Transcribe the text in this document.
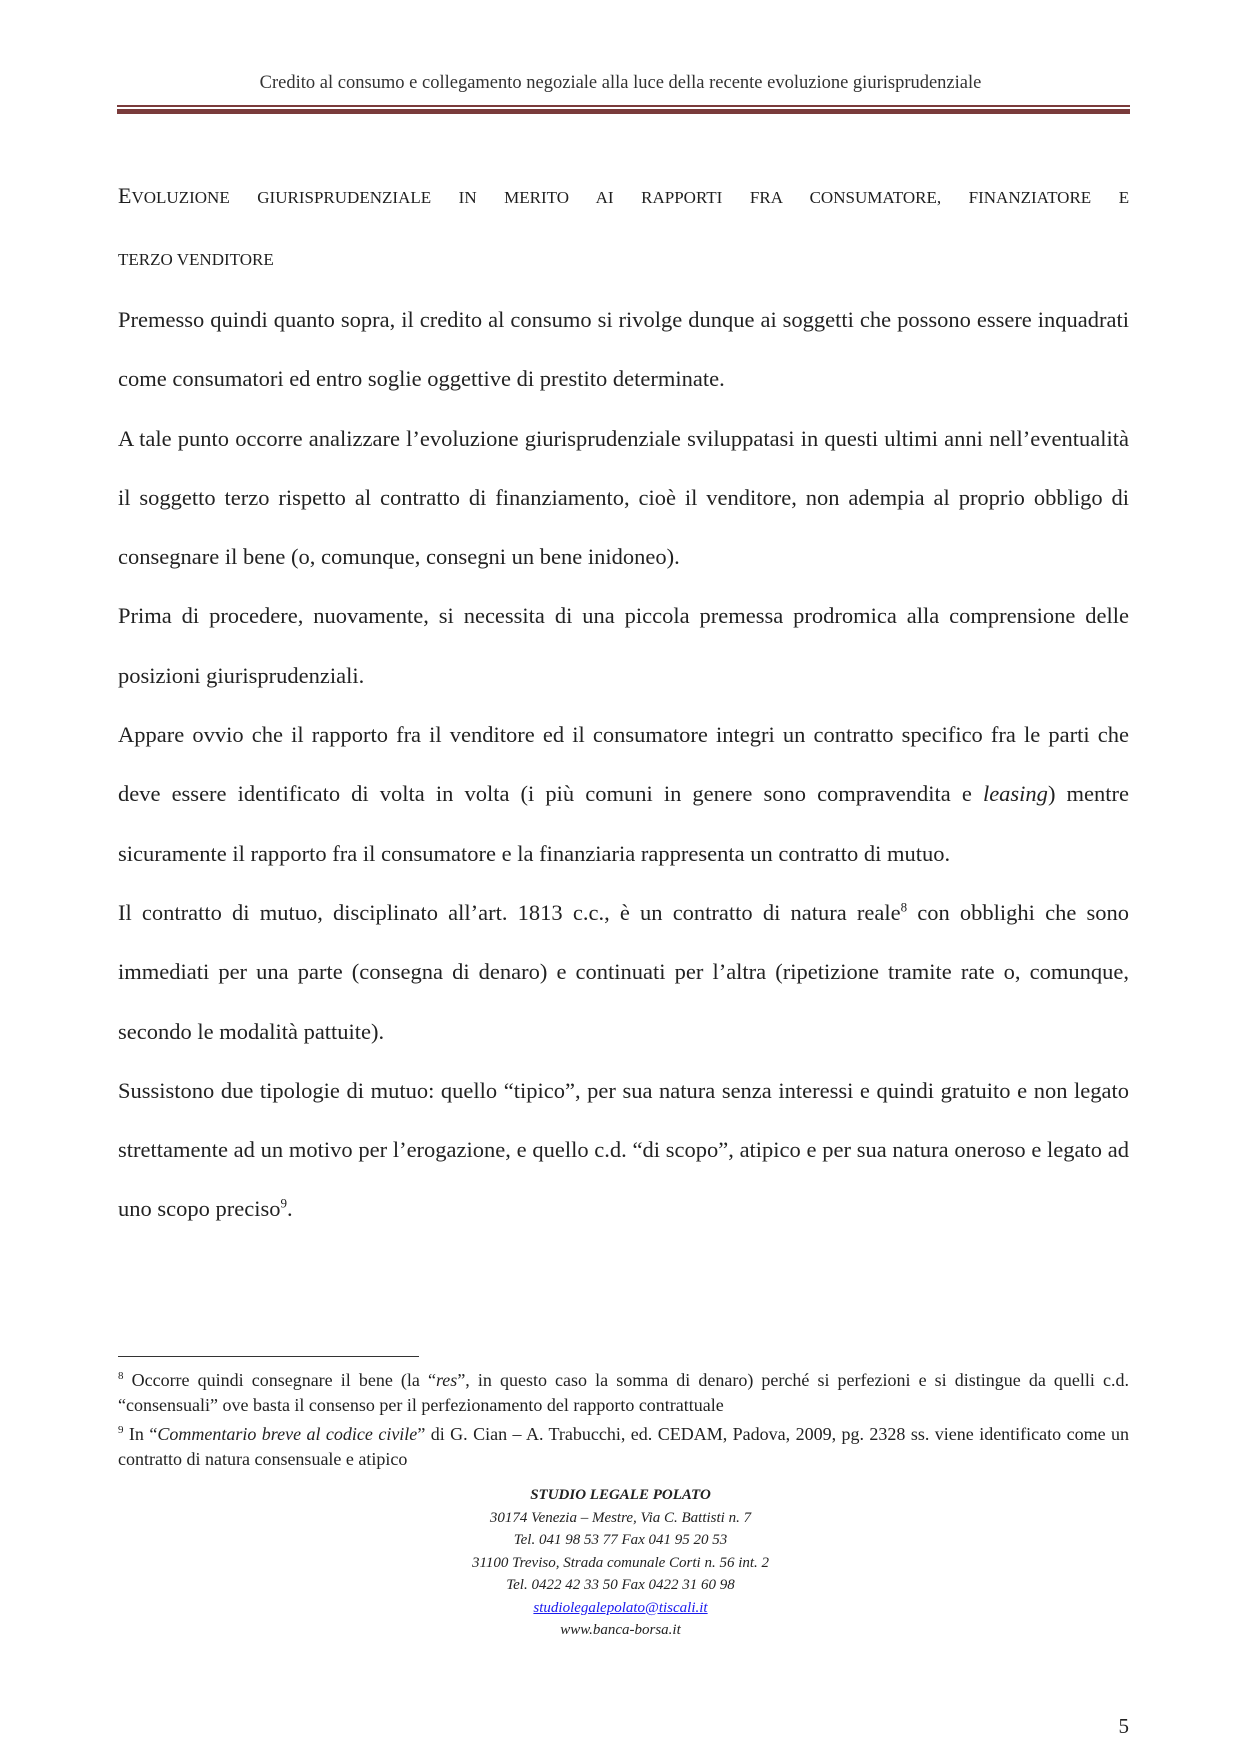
Credito al consumo e collegamento negoziale alla luce della recente evoluzione giurisprudenziale
EVOLUZIONE GIURISPRUDENZIALE IN MERITO AI RAPPORTI FRA CONSUMATORE, FINANZIATORE E
TERZO VENDITORE

Premesso quindi quanto sopra, il credito al consumo si rivolge dunque ai soggetti che possono essere inquadrati come consumatori ed entro soglie oggettive di prestito determinate.

A tale punto occorre analizzare l’evoluzione giurisprudenziale sviluppatasi in questi ultimi anni nell’eventualità il soggetto terzo rispetto al contratto di finanziamento, cioè il venditore, non adempia al proprio obbligo di consegnare il bene (o, comunque, consegni un bene inidoneo).

Prima di procedere, nuovamente, si necessita di una piccola premessa prodromica alla comprensione delle posizioni giurisprudenziali.

Appare ovvio che il rapporto fra il venditore ed il consumatore integri un contratto specifico fra le parti che deve essere identificato di volta in volta (i più comuni in genere sono compravendita e leasing) mentre sicuramente il rapporto fra il consumatore e la finanziaria rappresenta un contratto di mutuo.

Il contratto di mutuo, disciplinato all’art. 1813 c.c., è un contratto di natura reale$^8$ con obblighi che sono immediati per una parte (consegna di denaro) e continuati per l’altra (ripetizione tramite rate o, comunque, secondo le modalità pattuite).

Sussistono due tipologie di mutuo: quello “tipico”, per sua natura senza interessi e quindi gratuito e non legato strettamente ad un motivo per l’erogazione, e quello c.d. “di scopo”, atipico e per sua natura oneroso e legato ad uno scopo preciso$^9$.

$^8$ Occorre quindi consegnare il bene (la “res”, in questo caso la somma di denaro) perché si perfezioni e si distingue da quelli c.d. “consensuali” ove basta il consenso per il perfezionamento del rapporto contrattuale

$^9$ In “Commentario breve al codice civile” di G. Cian – A. Trabucchi, ed. CEDAM, Padova, 2009, pg. 2328 ss. viene identificato come un contratto di natura consensuale e atipico

STUDIO LEGALE POLATO
30174 Venezia – Mestre, Via C. Battisti n. 7
Tel. 041 98 53 77 Fax 041 95 20 53
31100 Treviso, Strada comunale Corti n. 56 int. 2
Tel. 0422 42 33 50 Fax 0422 31 60 98
studiolegalepolato@tiscali.it
www.banca-borsa.it
5
